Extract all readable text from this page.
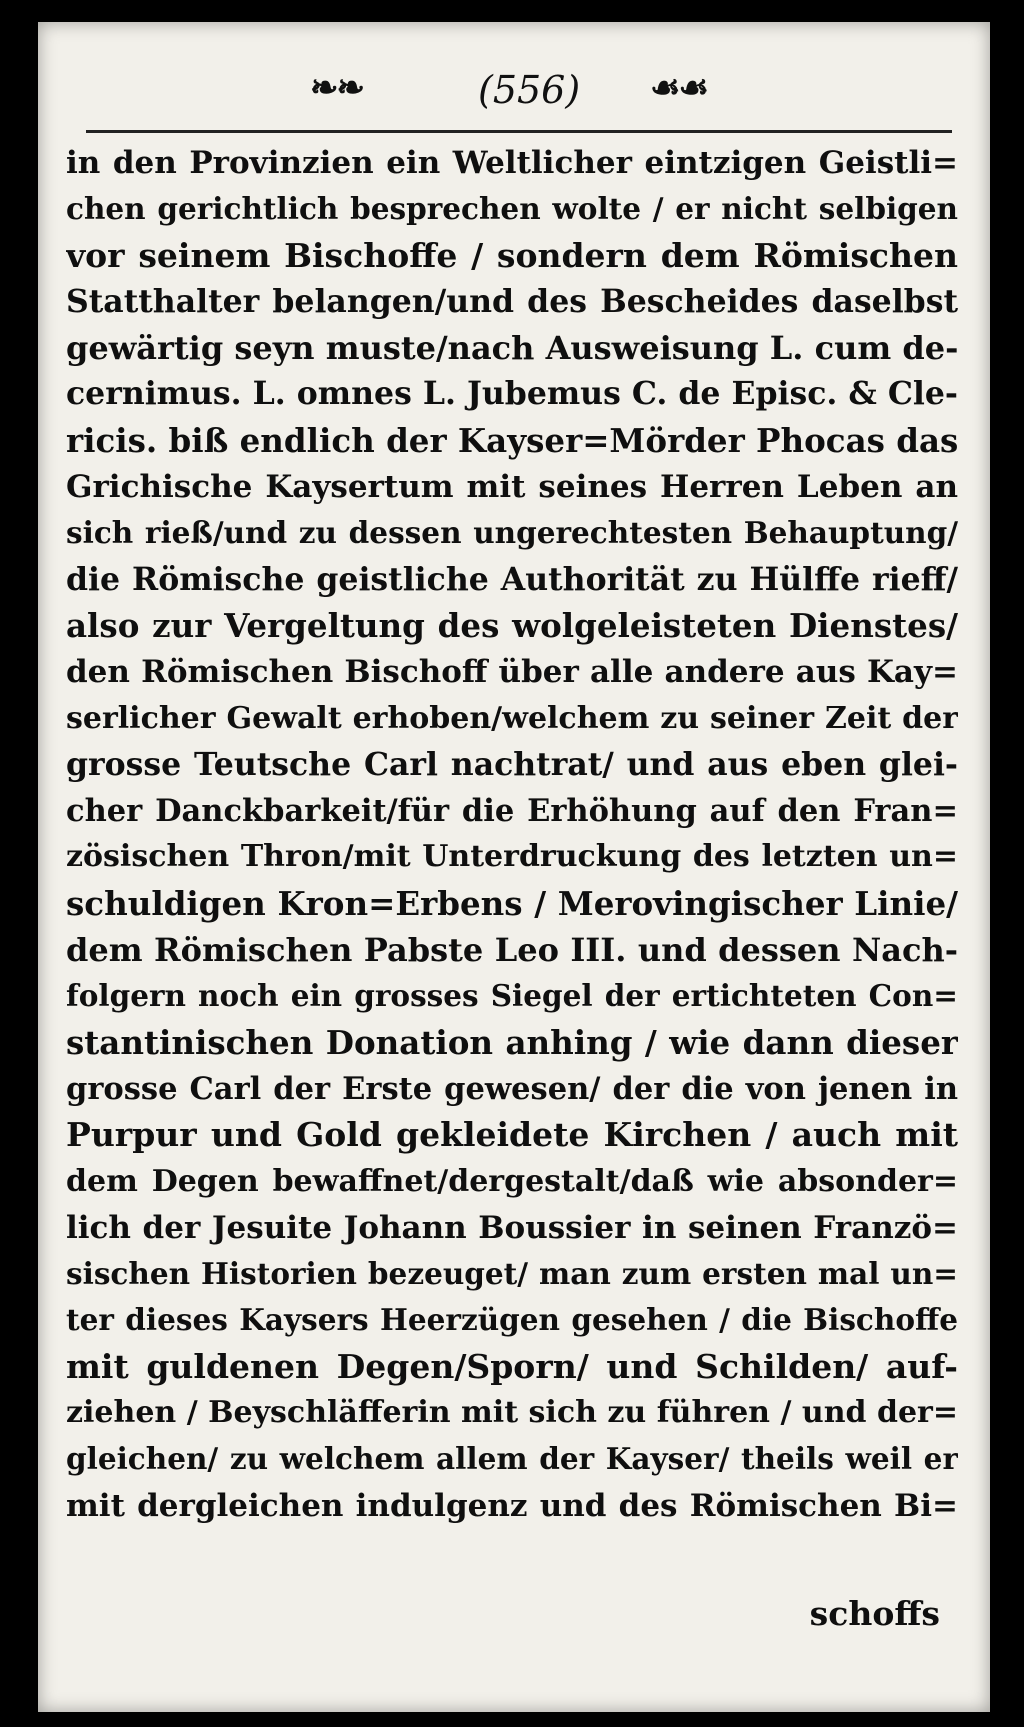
❧❧	(556) ☙☙
in den Provinzien ein Weltlicher eintzigen Geistli=
chen gerichtlich besprechen wolte / er nicht selbigen
vor seinem Bischoffe / sondern dem Römischen
Statthalter belangen/und des Bescheides daselbst
gewärtig seyn muste/nach Ausweisung L. cum de-
cernimus. L. omnes L. Jubemus C. de Episc. & Cle-
ricis. biß endlich der Kayser=Mörder Phocas das
Grichische Kaysertum mit seines Herren Leben an
sich rieß/und zu dessen ungerechtesten Behauptung/
die Römische geistliche Authorität zu Hülffe rieff/
also zur Vergeltung des wolgeleisteten Dienstes/
den Römischen Bischoff über alle andere aus Kay=
serlicher Gewalt erhoben/welchem zu seiner Zeit der
grosse Teutsche Carl nachtrat/ und aus eben glei-
cher Danckbarkeit/für die Erhöhung auf den Fran=
zösischen Thron/mit Unterdruckung des letzten un=
schuldigen Kron=Erbens / Merovingischer Linie/
dem Römischen Pabste Leo III. und dessen Nach-
folgern noch ein grosses Siegel der ertichteten Con=
stantinischen Donation anhing / wie dann dieser
grosse Carl der Erste gewesen/ der die von jenen in
Purpur und Gold gekleidete Kirchen / auch mit
dem Degen bewaffnet/dergestalt/daß wie absonder=
lich der Jesuite Johann Boussier in seinen Franzö=
sischen Historien bezeuget/ man zum ersten mal un=
ter dieses Kaysers Heerzügen gesehen / die Bischoffe
mit guldenen Degen/Sporn/ und Schilden/ auf-
ziehen / Beyschläfferin mit sich zu führen / und der=
gleichen/ zu welchem allem der Kayser/ theils weil er
mit dergleichen indulgenz und des Römischen Bi=
schoffs
